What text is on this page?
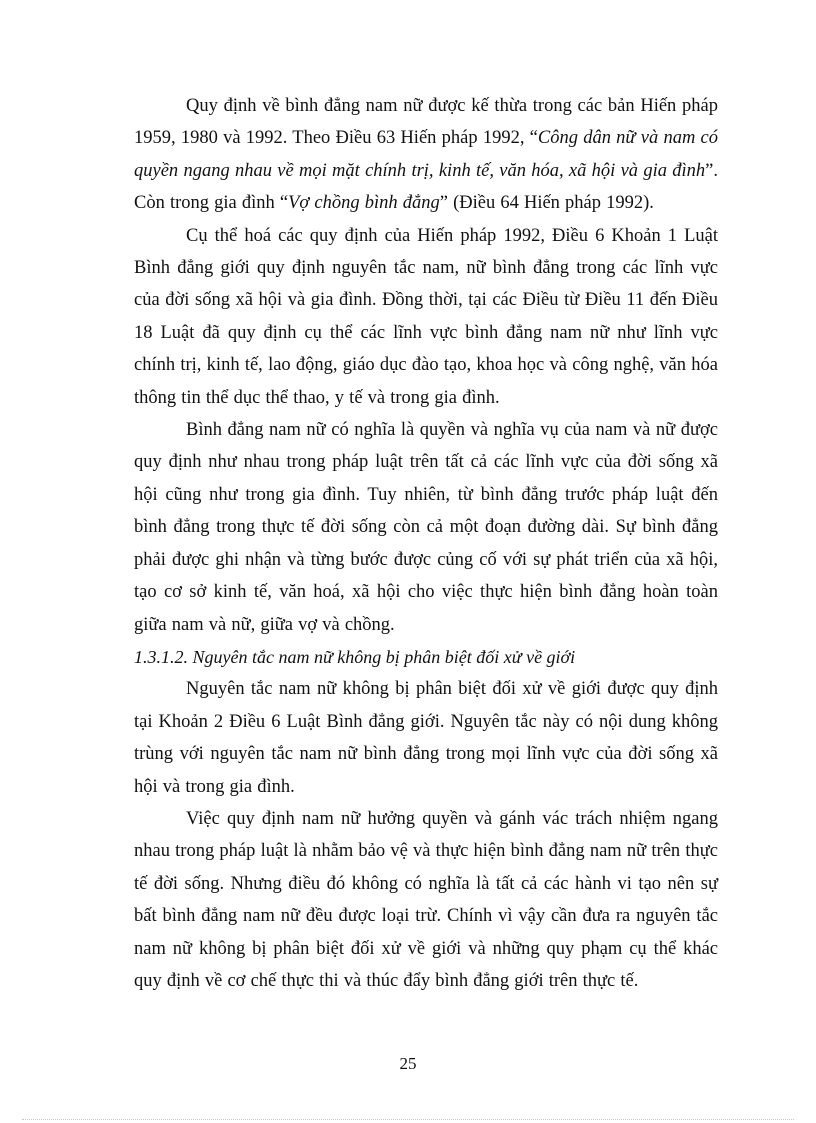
Quy định về bình đẳng nam nữ được kế thừa trong các bản Hiến pháp 1959, 1980 và 1992. Theo Điều 63 Hiến pháp 1992, “Công dân nữ và nam có quyền ngang nhau về mọi mặt chính trị, kinh tế, văn hóa, xã hội và gia đình”. Còn trong gia đình “Vợ chồng bình đẳng” (Điều 64 Hiến pháp 1992).

Cụ thể hoá các quy định của Hiến pháp 1992, Điều 6 Khoản 1 Luật Bình đẳng giới quy định nguyên tắc nam, nữ bình đẳng trong các lĩnh vực của đời sống xã hội và gia đình. Đồng thời, tại các Điều từ Điều 11 đến Điều 18 Luật đã quy định cụ thể các lĩnh vực bình đẳng nam nữ như lĩnh vực chính trị, kinh tế, lao động, giáo dục đào tạo, khoa học và công nghệ, văn hóa thông tin thể dục thể thao, y tế và trong gia đình.

Bình đẳng nam nữ có nghĩa là quyền và nghĩa vụ của nam và nữ được quy định như nhau trong pháp luật trên tất cả các lĩnh vực của đời sống xã hội cũng như trong gia đình. Tuy nhiên, từ bình đẳng trước pháp luật đến bình đẳng trong thực tế đời sống còn cả một đoạn đường dài. Sự bình đẳng phải được ghi nhận và từng bước được củng cố với sự phát triển của xã hội, tạo cơ sở kinh tế, văn hoá, xã hội cho việc thực hiện bình đẳng hoàn toàn giữa nam và nữ, giữa vợ và chồng.

1.3.1.2. Nguyên tắc nam nữ không bị phân biệt đối xử về giới

Nguyên tắc nam nữ không bị phân biệt đối xử về giới được quy định tại Khoản 2 Điều 6 Luật Bình đẳng giới. Nguyên tắc này có nội dung không trùng với nguyên tắc nam nữ bình đẳng trong mọi lĩnh vực của đời sống xã hội và trong gia đình.

Việc quy định nam nữ hưởng quyền và gánh vác trách nhiệm ngang nhau trong pháp luật là nhằm bảo vệ và thực hiện bình đẳng nam nữ trên thực tế đời sống. Nhưng điều đó không có nghĩa là tất cả các hành vi tạo nên sự bất bình đẳng nam nữ đều được loại trừ. Chính vì vậy cần đưa ra nguyên tắc nam nữ không bị phân biệt đối xử về giới và những quy phạm cụ thể khác quy định về cơ chế thực thi và thúc đẩy bình đẳng giới trên thực tế.

25
